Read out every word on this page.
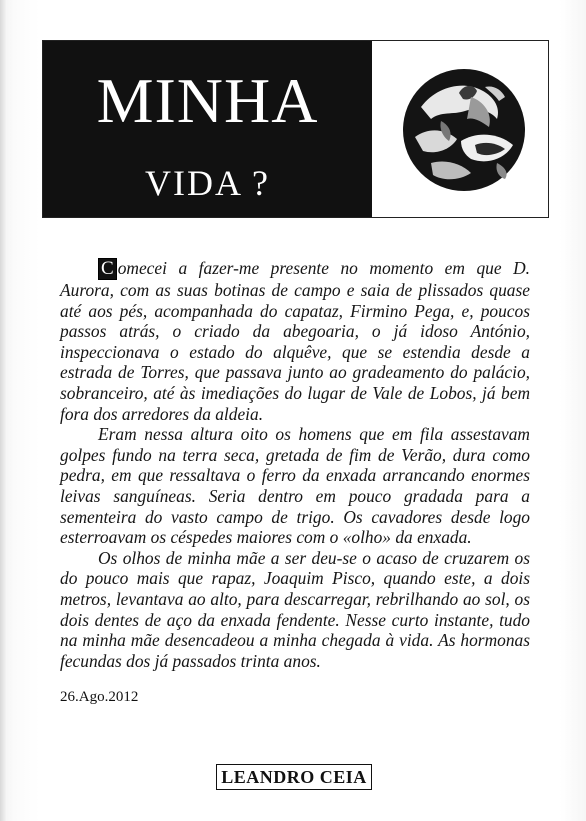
MINHA
VIDA ?

C omecei a fazer-me presente no momento em que D. Aurora, com as suas botinas de campo e saia de plissados quase até aos pés, acompanhada do capataz, Firmino Pega, e, poucos passos atrás, o criado da abegoaria, o já idoso António, inspeccionava o estado do alquêve, que se estendia desde a estrada de Torres, que passava junto ao gradeamento do palácio, sobranceiro, até às imediações do lugar de Vale de Lobos, já bem fora dos arredores da aldeia.

Eram nessa altura oito os homens que em fila assestavam golpes fundo na terra seca, gretada de fim de Verão, dura como pedra, em que ressaltava o ferro da enxada arrancando enormes leivas sanguíneas. Seria dentro em pouco gradada para a sementeira do vasto campo de trigo. Os cavadores desde logo esterroavam os céspedes maiores com o «olho» da enxada.

Os olhos de minha mãe a ser deu-se o acaso de cruzarem os do pouco mais que rapaz, Joaquim Pisco, quando este, a dois metros, levantava ao alto, para descarregar, rebrilhando ao sol, os dois dentes de aço da enxada fendente. Nesse curto instante, tudo na minha mãe desencadeou a minha chegada à vida. As hormonas fecundas dos já passados trinta anos.

26.Ago.2012
LEANDRO CEIA
